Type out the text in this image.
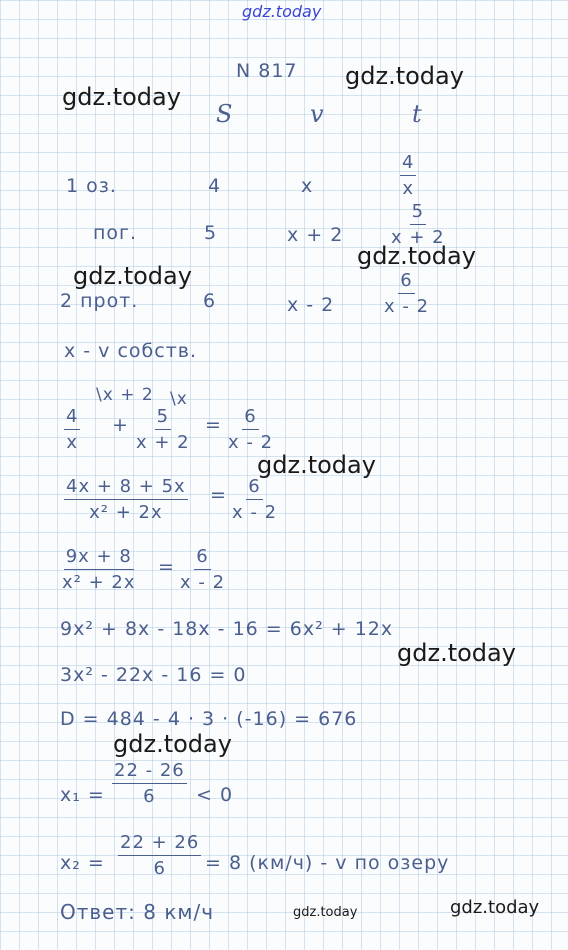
gdz.today
gdz.today
gdz.today
gdz.today
gdz.today
gdz.today
gdz.today
gdz.today
gdz.today
gdz.today
N 817
S	v	t
1 оз.	4	x	$\frac{4}{x}$
пог.	5	x + 2	$\frac{5}{x + 2}$
2 прот.	6	x - 2	$\frac{6}{x - 2}$
x - v собств.
\x + 2 \x
$\frac{4}{x} + \frac{5}{x + 2} = \frac{6}{x - 2}$
$\frac{4x + 8 + 5x}{\text{x² + 2x}} = \frac{6}{x - 2}$
$\frac{9x + 8}{\text{x² + 2x}} = \frac{6}{x - 2}$
9x² + 8x - 18x - 16 = 6x² + 12x
3x² - 22x - 16 = 0
D = 484 - 4 · 3 · (-16) = 676
$x_1 = \frac{22 - 26}{6} < 0$
$x_2 = \frac{22 + 26}{6} = 8$ (км/ч) - v по озеру
Ответ: 8 км/ч
